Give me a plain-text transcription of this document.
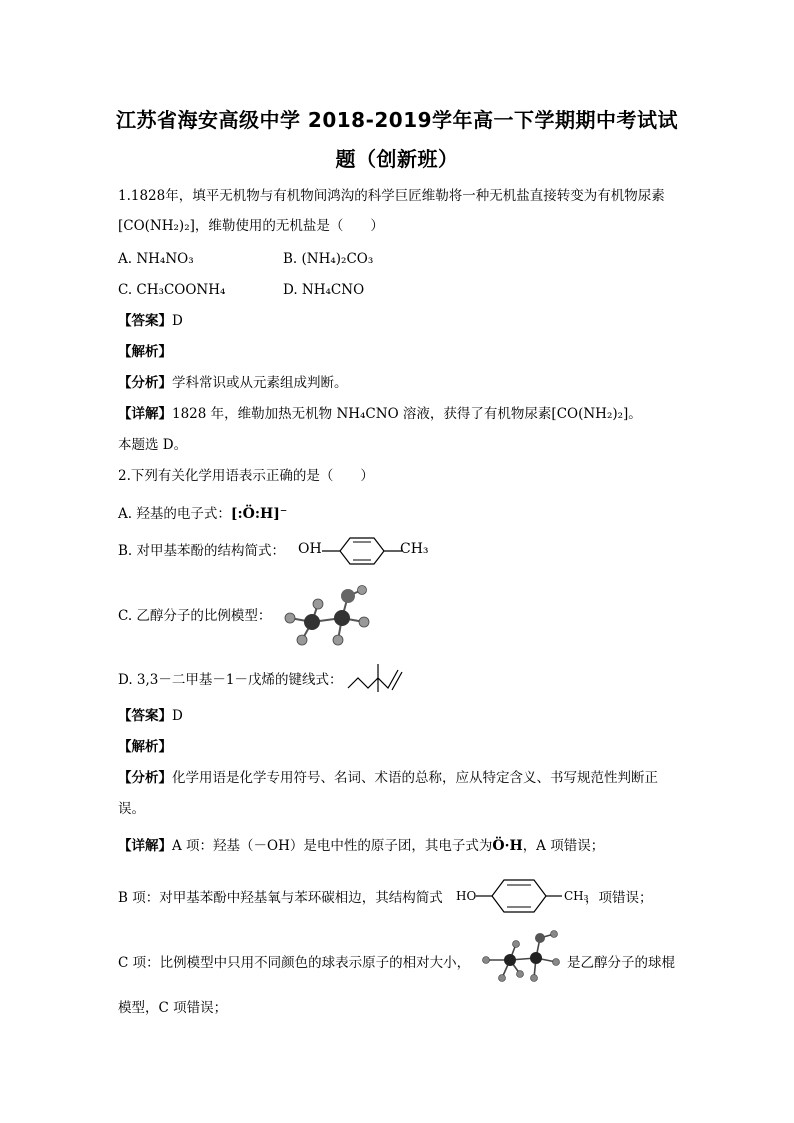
江苏省海安高级中学 2018-2019学年高一下学期期中考试试
题（创新班）
1.1828年，填平无机物与有机物间鸿沟的科学巨匠维勒将一种无机盐直接转变为有机物尿素
[CO(NH₂)₂]，维勒使用的无机盐是（　　）
A. NH₄NO₃	B. (NH₄)₂CO₃
C. CH₃COONH₄	D. NH₄CNO
【答案】D
【解析】
【分析】学科常识或从元素组成判断。
【详解】1828 年，维勒加热无机物 NH₄CNO 溶液，获得了有机物尿素[CO(NH₂)₂]。
本题选 D。
2.下列有关化学用语表示正确的是（　　）
A. 羟基的电子式：[:Ö:H]⁻
B. 对甲基苯酚的结构简式： OH	CH₃
C. 乙醇分子的比例模型：
D. 3,3－二甲基－1－戊烯的键线式：
【答案】D
【解析】
【分析】化学用语是化学专用符号、名词、术语的总称，应从特定含义、书写规范性判断正
误。
【详解】A 项：羟基（－OH）是电中性的原子团，其电子式为Ö·H，A 项错误；
B 项：对甲基苯酚中羟基氧与苯环碳相边，其结构简式 HO	CH₃
，项错误；
C 项：比例模型中只用不同颜色的球表示原子的相对大小，	是乙醇分子的球棍
模型，C 项错误；
